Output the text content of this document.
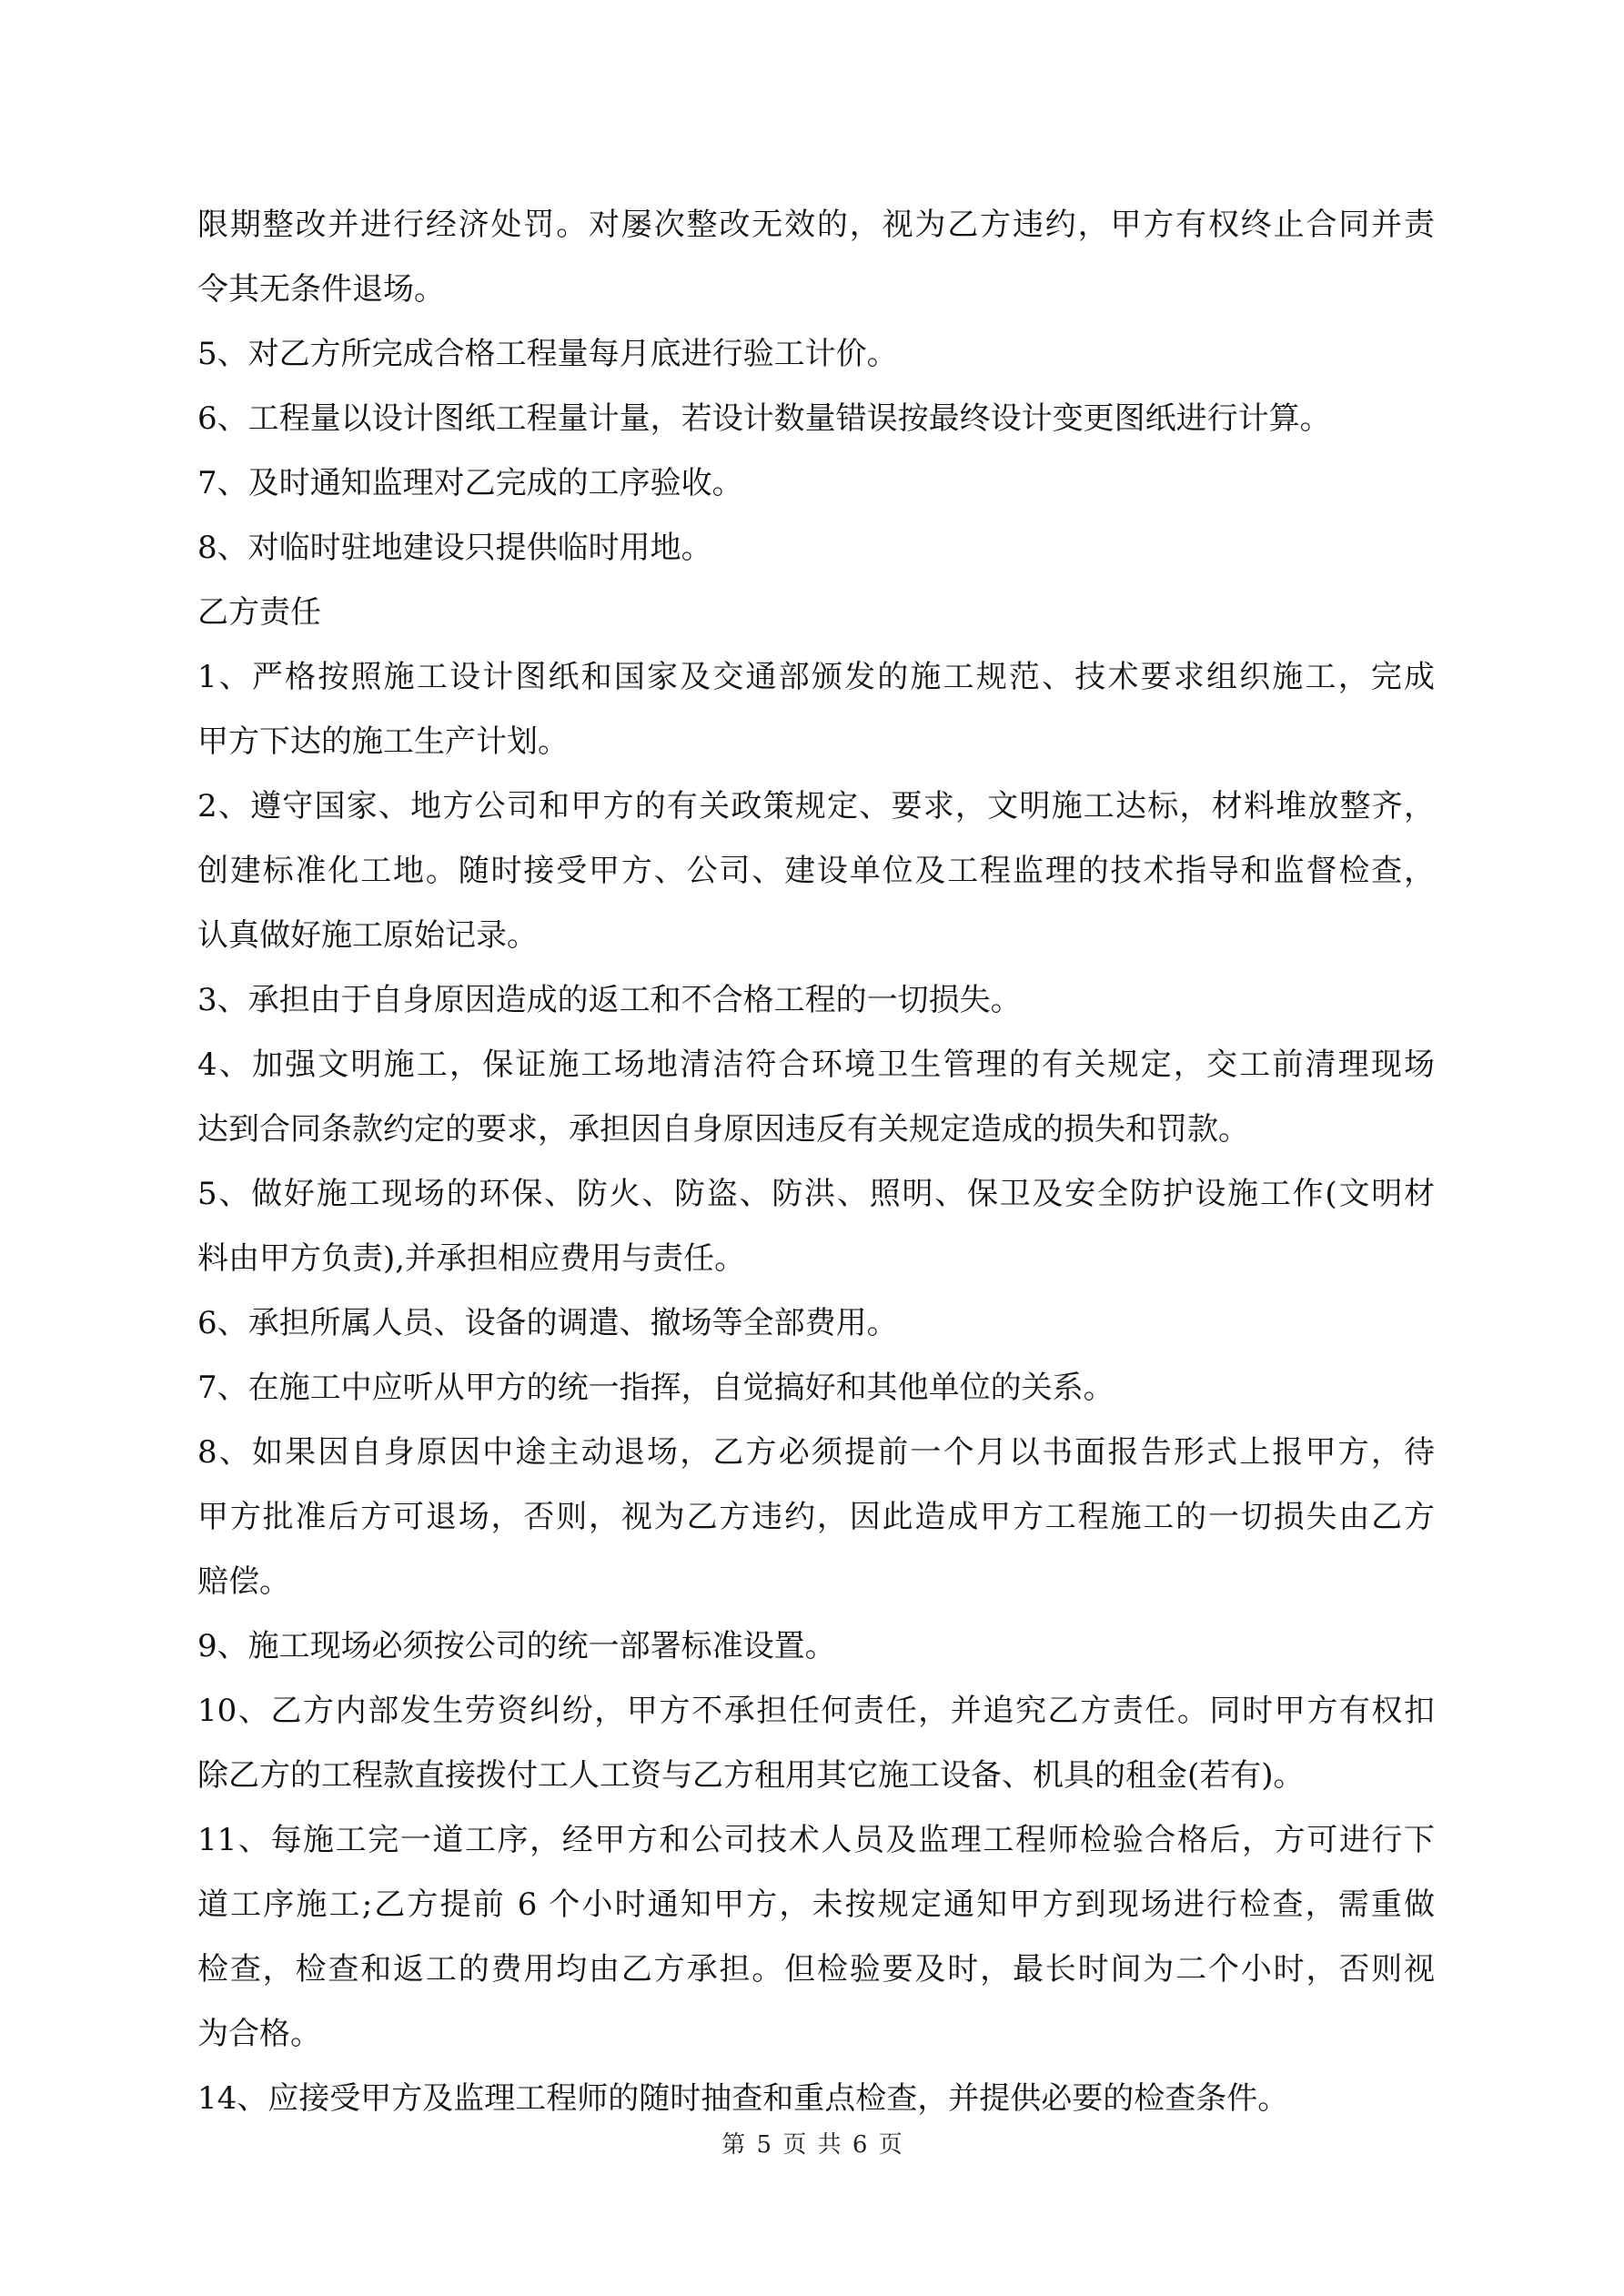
限期整改并进行经济处罚。对屡次整改无效的，视为乙方违约，甲方有权终止合同并责
令其无条件退场。
5、对乙方所完成合格工程量每月底进行验工计价。
6、工程量以设计图纸工程量计量，若设计数量错误按最终设计变更图纸进行计算。
7、及时通知监理对乙完成的工序验收。
8、对临时驻地建设只提供临时用地。
乙方责任
1、严格按照施工设计图纸和国家及交通部颁发的施工规范、技术要求组织施工，完成
甲方下达的施工生产计划。
2、遵守国家、地方公司和甲方的有关政策规定、要求，文明施工达标，材料堆放整齐，
创建标准化工地。随时接受甲方、公司、建设单位及工程监理的技术指导和监督检查，
认真做好施工原始记录。
3、承担由于自身原因造成的返工和不合格工程的一切损失。
4、加强文明施工，保证施工场地清洁符合环境卫生管理的有关规定，交工前清理现场
达到合同条款约定的要求，承担因自身原因违反有关规定造成的损失和罚款。
5、做好施工现场的环保、防火、防盗、防洪、照明、保卫及安全防护设施工作(文明材
料由甲方负责),并承担相应费用与责任。
6、承担所属人员、设备的调遣、撤场等全部费用。
7、在施工中应听从甲方的统一指挥，自觉搞好和其他单位的关系。
8、如果因自身原因中途主动退场，乙方必须提前一个月以书面报告形式上报甲方，待
甲方批准后方可退场，否则，视为乙方违约，因此造成甲方工程施工的一切损失由乙方
赔偿。
9、施工现场必须按公司的统一部署标准设置。
10、乙方内部发生劳资纠纷，甲方不承担任何责任，并追究乙方责任。同时甲方有权扣
除乙方的工程款直接拨付工人工资与乙方租用其它施工设备、机具的租金(若有)。
11、每施工完一道工序，经甲方和公司技术人员及监理工程师检验合格后，方可进行下
道工序施工;乙方提前 6 个小时通知甲方，未按规定通知甲方到现场进行检查，需重做
检查，检查和返工的费用均由乙方承担。但检验要及时，最长时间为二个小时，否则视
为合格。
14、应接受甲方及监理工程师的随时抽查和重点检查，并提供必要的检查条件。
第 5 页 共 6 页
